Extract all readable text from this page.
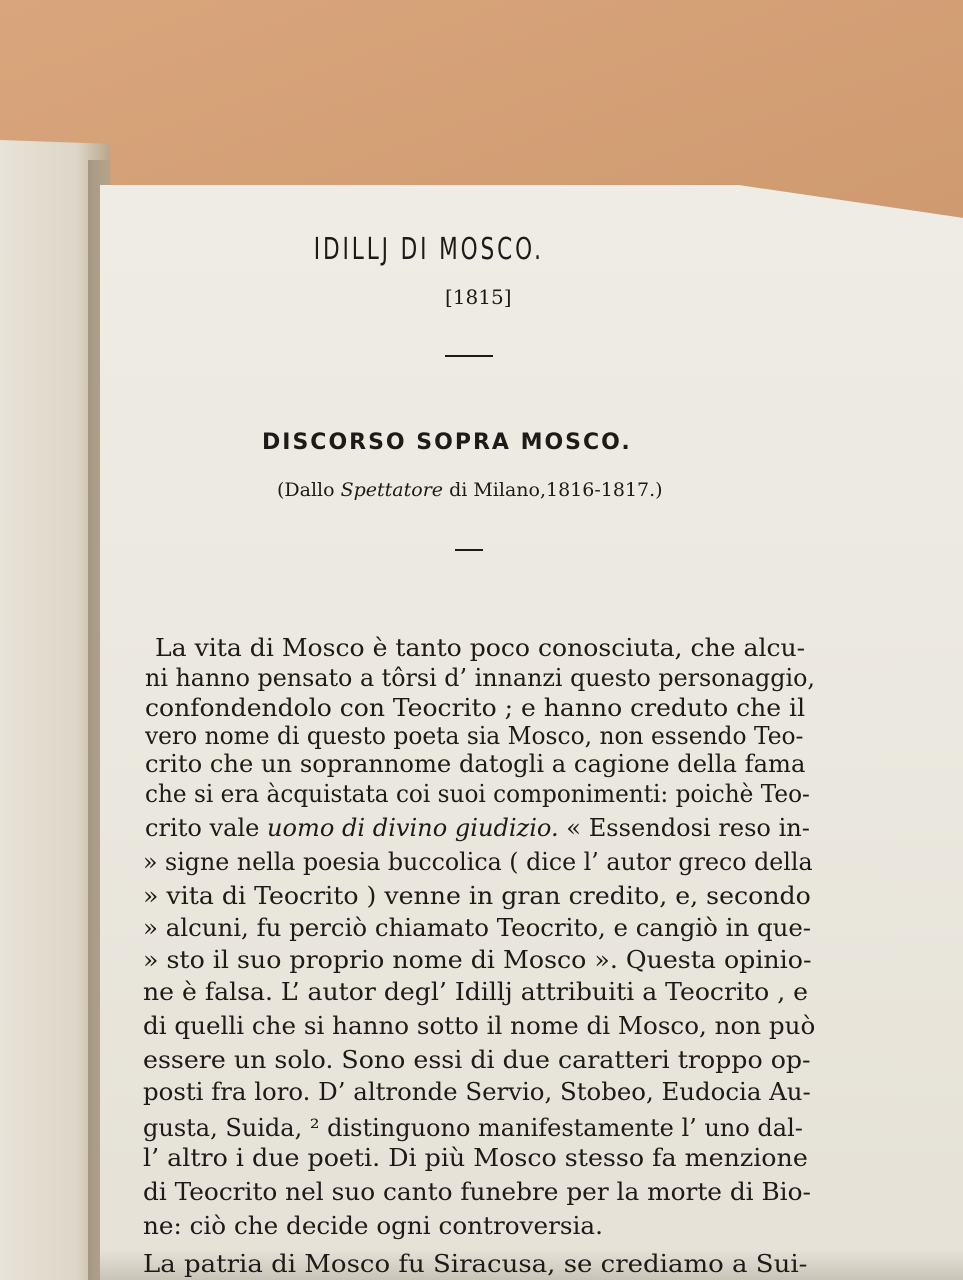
IDILLJ DI MOSCO.
[1815]
DISCORSO SOPRA MOSCO.
(Dallo Spettatore di Milano,1816-1817.)
crito vale uomo di divino giudizio. « Essendosi reso in-
